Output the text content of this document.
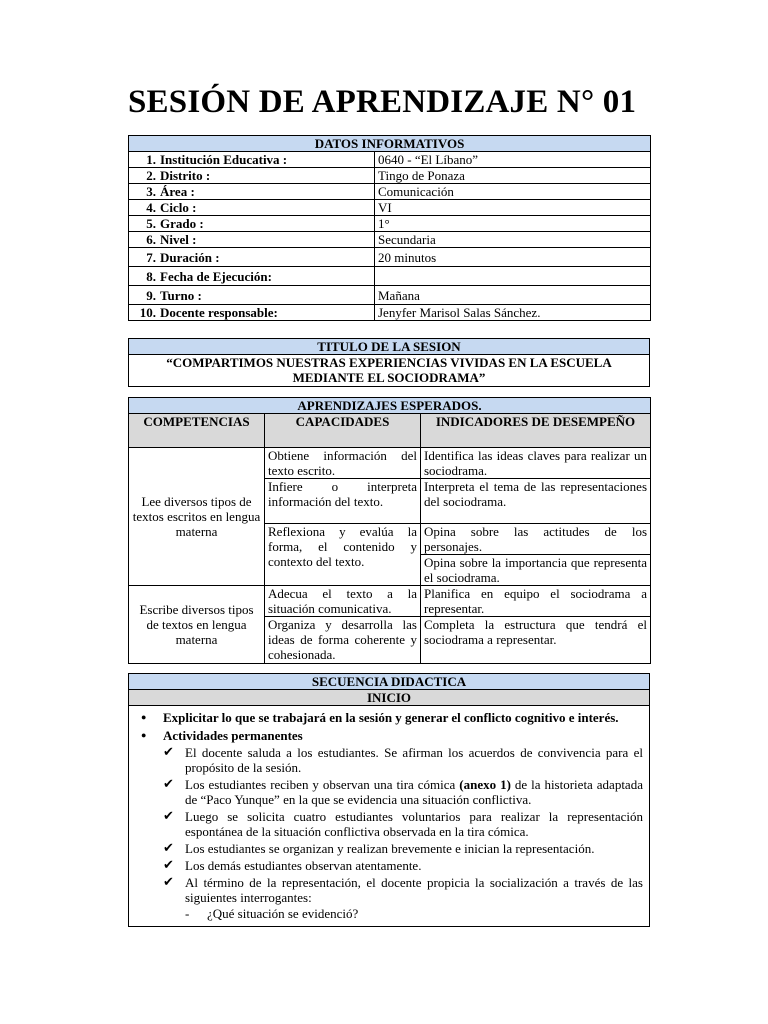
SESIÓN DE APRENDIZAJE N° 01
DATOS INFORMATIVOS	
1. Institución Educativa :	0640 - “El Líbano”
2. Distrito :	Tingo de Ponaza
3. Área :	Comunicación
4. Ciclo :	VI
5. Grado :	1°
6. Nivel :	Secundaria
7. Duración :	20 minutos
8. Fecha de Ejecución:	
9. Turno :	Mañana
10. Docente responsable:	Jenyfer Marisol Salas Sánchez.
TITULO DE LA SESION
“COMPARTIMOS NUESTRAS EXPERIENCIAS VIVIDAS EN LA ESCUELA MEDIANTE EL SOCIODRAMA”
APRENDIZAJES ESPERADOS.		
COMPETENCIAS	CAPACIDADES	INDICADORES DE DESEMPEÑO
Lee diversos tipos de textos escritos en lengua materna	Obtiene información del texto escrito.	Identifica las ideas claves para realizar un sociodrama.
	Infiere o interpreta información del texto.	Interpreta el tema de las representaciones del sociodrama.
	Reflexiona y evalúa la forma, el contenido y contexto del texto.	Opina sobre las actitudes de los personajes.
		Opina sobre la importancia que representa el sociodrama.
Escribe diversos tipos de textos en lengua materna	Adecua el texto a la situación comunicativa.	Planifica en equipo el sociodrama a representar.
	Organiza y desarrolla las ideas de forma coherente y cohesionada.	Completa la estructura que tendrá el sociodrama a representar.
SECUENCIA DIDACTICA
INICIO

● Explicitar lo que se trabajará en la sesión y generar el conflicto cognitivo e interés.
● Actividades permanentes
✔ El docente saluda a los estudiantes. Se afirman los acuerdos de convivencia para el propósito de la sesión.
✔ Los estudiantes reciben y observan una tira cómica (anexo 1) de la historieta adaptada de “Paco Yunque” en la que se evidencia una situación conflictiva.
✔ Luego se solicita cuatro estudiantes voluntarios para realizar la representación espontánea de la situación conflictiva observada en la tira cómica.
✔ Los estudiantes se organizan y realizan brevemente e inician la representación.
✔ Los demás estudiantes observan atentamente.
✔ Al término de la representación, el docente propicia la socialización a través de las siguientes interrogantes:
- ¿Qué situación se evidenció?
